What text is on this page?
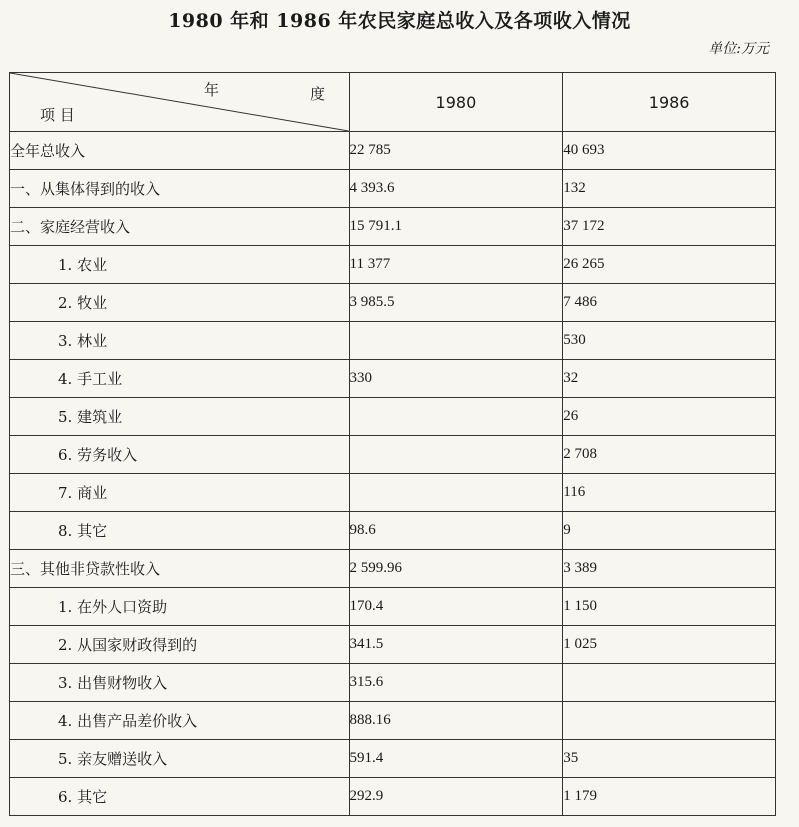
1980 年和 1986 年农民家庭总收入及各项收入情况
单位:万元
年 度
项 目	1980	1986
全年总收入	22 785	40 693
一、从集体得到的收入	4 393.6	132
二、家庭经营收入	15 791.1	37 172
1. 农业	11 377	26 265
2. 牧业	3 985.5	7 486
3. 林业		530
4. 手工业	330	32
5. 建筑业		26
6. 劳务收入		2 708
7. 商业		116
8. 其它	98.6	9
三、其他非贷款性收入	2 599.96	3 389
1. 在外人口资助	170.4	1 150
2. 从国家财政得到的	341.5	1 025
3. 出售财物收入	315.6	
4. 出售产品差价收入	888.16	
5. 亲友赠送收入	591.4	35
6. 其它	292.9	1 179
